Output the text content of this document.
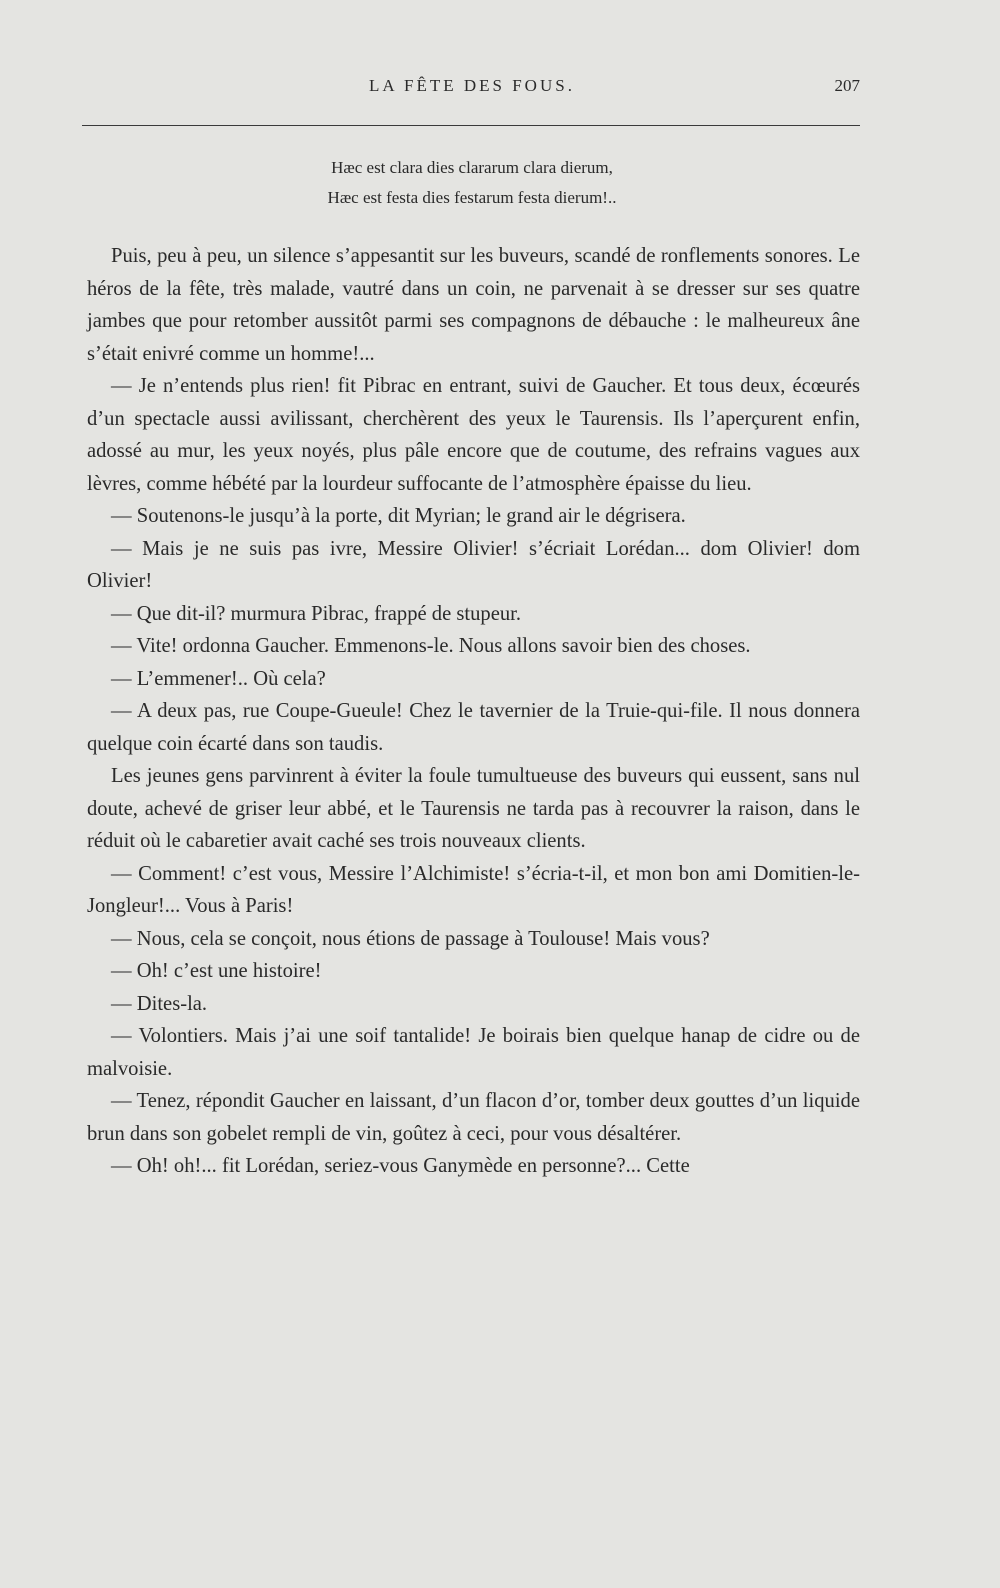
LA FÊTE DES FOUS.	207
Hæc est clara dies clararum clara dierum,
Hæc est festa dies festarum festa dierum!..

Puis, peu à peu, un silence s’appesantit sur les buveurs, scandé de ronflements sonores. Le héros de la fête, très malade, vautré dans un coin, ne parvenait à se dresser sur ses quatre jambes que pour retomber aussitôt parmi ses compagnons de débauche : le malheureux âne s’était enivré comme un homme!...

— Je n’entends plus rien! fit Pibrac en entrant, suivi de Gaucher. Et tous deux, écœurés d’un spectacle aussi avilissant, cherchèrent des yeux le Taurensis. Ils l’aperçurent enfin, adossé au mur, les yeux noyés, plus pâle encore que de coutume, des refrains vagues aux lèvres, comme hébété par la lourdeur suffocante de l’atmosphère épaisse du lieu.

— Soutenons-le jusqu’à la porte, dit Myrian; le grand air le dégrisera.

— Mais je ne suis pas ivre, Messire Olivier! s’écriait Lorédan... dom Olivier! dom Olivier!

— Que dit-il? murmura Pibrac, frappé de stupeur.

— Vite! ordonna Gaucher. Emmenons-le. Nous allons savoir bien des choses.

— L’emmener!.. Où cela?

— A deux pas, rue Coupe-Gueule! Chez le tavernier de la Truie-qui-file. Il nous donnera quelque coin écarté dans son taudis.

Les jeunes gens parvinrent à éviter la foule tumultueuse des buveurs qui eussent, sans nul doute, achevé de griser leur abbé, et le Taurensis ne tarda pas à recouvrer la raison, dans le réduit où le cabaretier avait caché ses trois nouveaux clients.

— Comment! c’est vous, Messire l’Alchimiste! s’écria-t-il, et mon bon ami Domitien-le-Jongleur!... Vous à Paris!

— Nous, cela se conçoit, nous étions de passage à Toulouse! Mais vous?

— Oh! c’est une histoire!

— Dites-la.

— Volontiers. Mais j’ai une soif tantalide! Je boirais bien quelque hanap de cidre ou de malvoisie.

— Tenez, répondit Gaucher en laissant, d’un flacon d’or, tomber deux gouttes d’un liquide brun dans son gobelet rempli de vin, goûtez à ceci, pour vous désaltérer.

— Oh! oh!... fit Lorédan, seriez-vous Ganymède en personne?... Cette
